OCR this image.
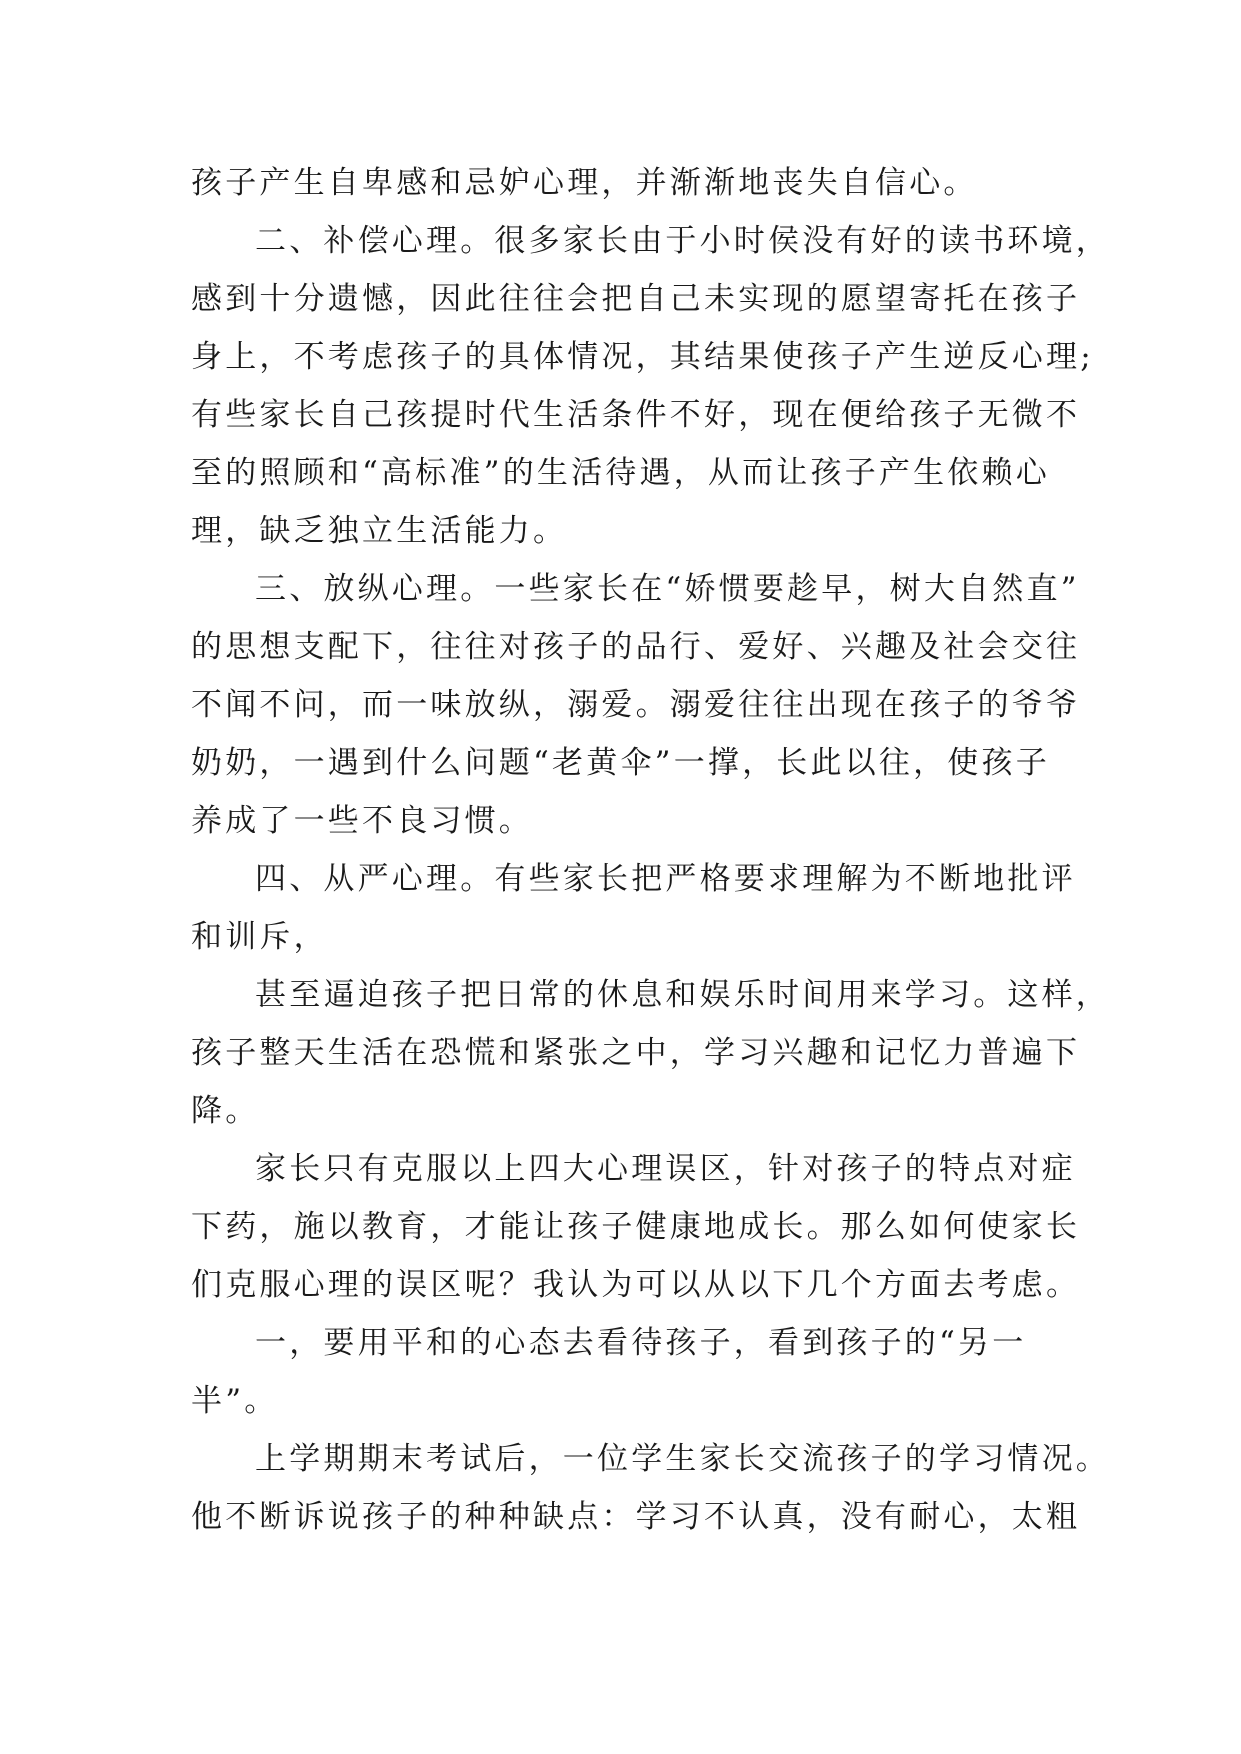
孩子产生自卑感和忌妒心理，并渐渐地丧失自信心。
二、补偿心理。很多家长由于小时侯没有好的读书环境，
感到十分遗憾，因此往往会把自己未实现的愿望寄托在孩子
身上，不考虑孩子的具体情况，其结果使孩子产生逆反心理;
有些家长自己孩提时代生活条件不好，现在便给孩子无微不
至的照顾和“高标准”的生活待遇，从而让孩子产生依赖心
理，缺乏独立生活能力。
三、放纵心理。一些家长在“娇惯要趁早，树大自然直”
的思想支配下，往往对孩子的品行、爱好、兴趣及社会交往
不闻不问，而一味放纵，溺爱。溺爱往往出现在孩子的爷爷
奶奶，一遇到什么问题“老黄伞”一撑，长此以往，使孩子
养成了一些不良习惯。
四、从严心理。有些家长把严格要求理解为不断地批评
和训斥，
甚至逼迫孩子把日常的休息和娱乐时间用来学习。这样，
孩子整天生活在恐慌和紧张之中，学习兴趣和记忆力普遍下
降。
家长只有克服以上四大心理误区，针对孩子的特点对症
下药，施以教育，才能让孩子健康地成长。那么如何使家长
们克服心理的误区呢？我认为可以从以下几个方面去考虑。
一，要用平和的心态去看待孩子，看到孩子的“另一
半”。
上学期期末考试后，一位学生家长交流孩子的学习情况。
他不断诉说孩子的种种缺点：学习不认真，没有耐心，太粗
